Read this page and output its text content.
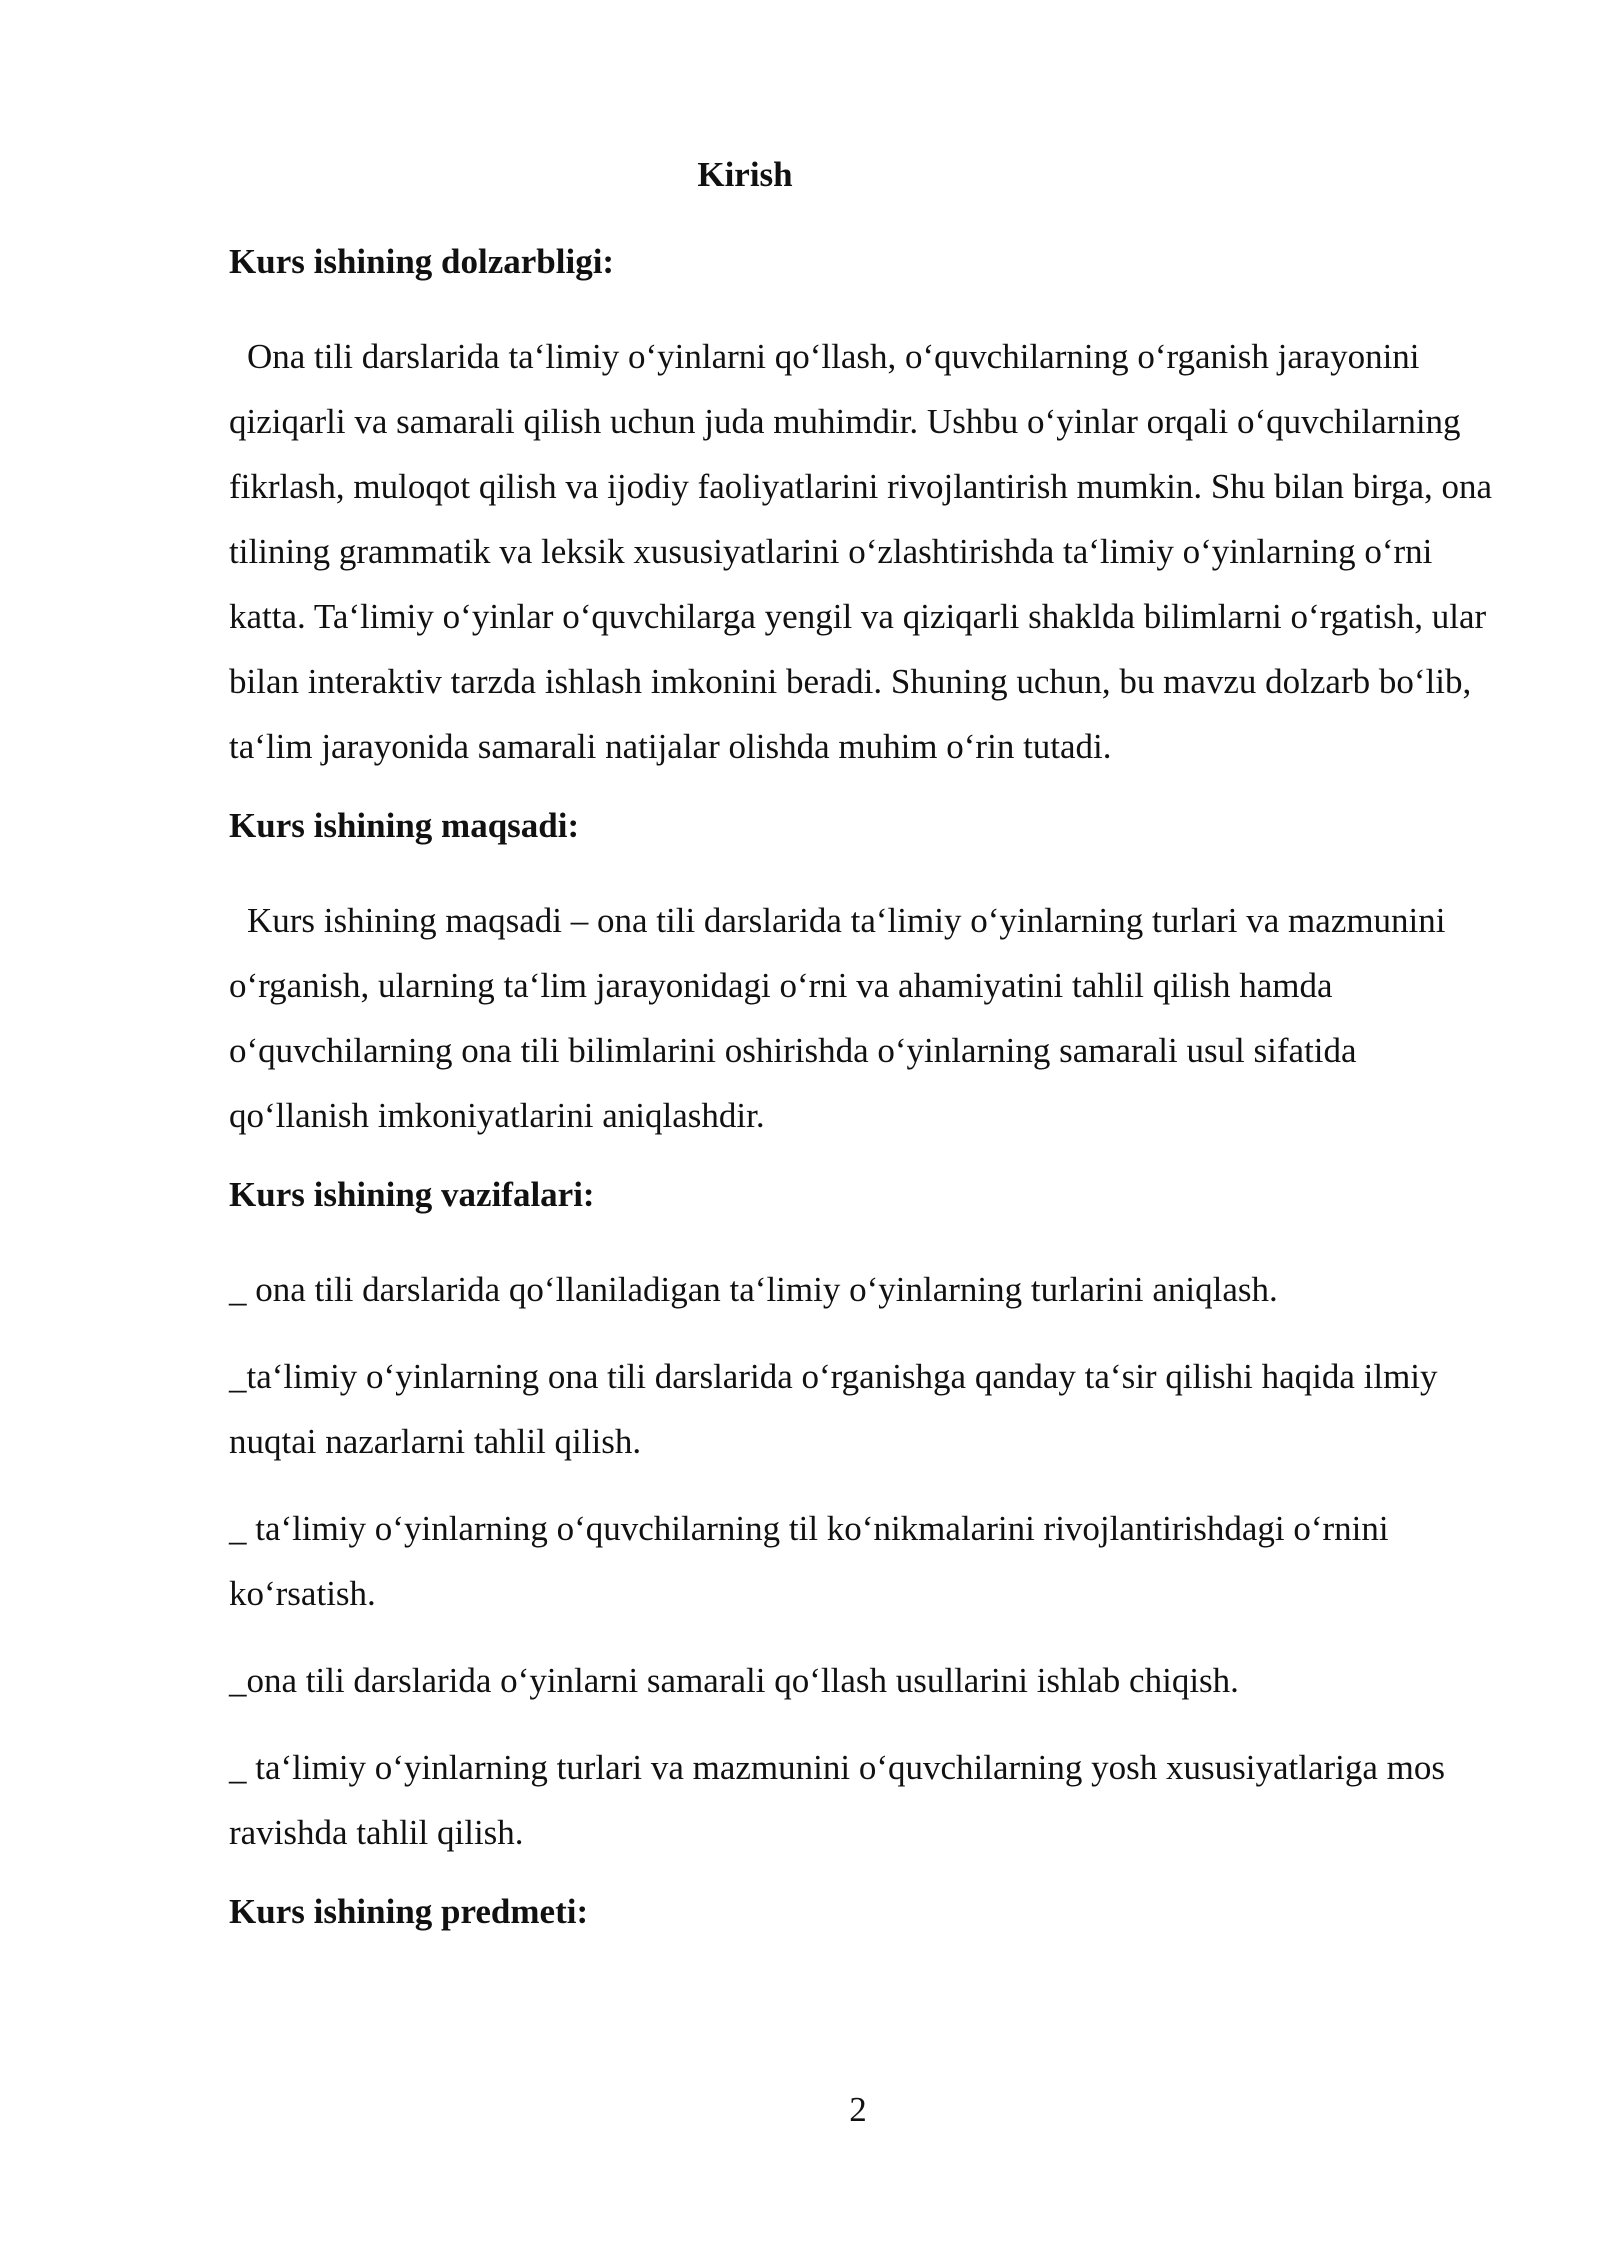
Kirish
Kurs ishining dolzarbligi:

Ona tili darslarida ta‘limiy o‘yinlarni qo‘llash, o‘quvchilarning o‘rganish jarayonini qiziqarli va samarali qilish uchun juda muhimdir. Ushbu o‘yinlar orqali o‘quvchilarning fikrlash, muloqot qilish va ijodiy faoliyatlarini rivojlantirish mumkin. Shu bilan birga, ona tilining grammatik va leksik xususiyatlarini o‘zlashtirishda ta‘limiy o‘yinlarning o‘rni katta. Ta‘limiy o‘yinlar o‘quvchilarga yengil va qiziqarli shaklda bilimlarni o‘rgatish, ular bilan interaktiv tarzda ishlash imkonini beradi. Shuning uchun, bu mavzu dolzarb bo‘lib, ta‘lim jarayonida samarali natijalar olishda muhim o‘rin tutadi.

Kurs ishining maqsadi:

Kurs ishining maqsadi – ona tili darslarida ta‘limiy o‘yinlarning turlari va mazmunini o‘rganish, ularning ta‘lim jarayonidagi o‘rni va ahamiyatini tahlil qilish hamda o‘quvchilarning ona tili bilimlarini oshirishda o‘yinlarning samarali usul sifatida qo‘llanish imkoniyatlarini aniqlashdir.

Kurs ishining vazifalari:

_ ona tili darslarida qo‘llaniladigan ta‘limiy o‘yinlarning turlarini aniqlash.

_ta‘limiy o‘yinlarning ona tili darslarida o‘rganishga qanday ta‘sir qilishi haqida ilmiy nuqtai nazarlarni tahlil qilish.

_ ta‘limiy o‘yinlarning o‘quvchilarning til ko‘nikmalarini rivojlantirishdagi o‘rnini ko‘rsatish.

_ona tili darslarida o‘yinlarni samarali qo‘llash usullarini ishlab chiqish.

_ ta‘limiy o‘yinlarning turlari va mazmunini o‘quvchilarning yosh xususiyatlariga mos ravishda tahlil qilish.

Kurs ishining predmeti:

2
